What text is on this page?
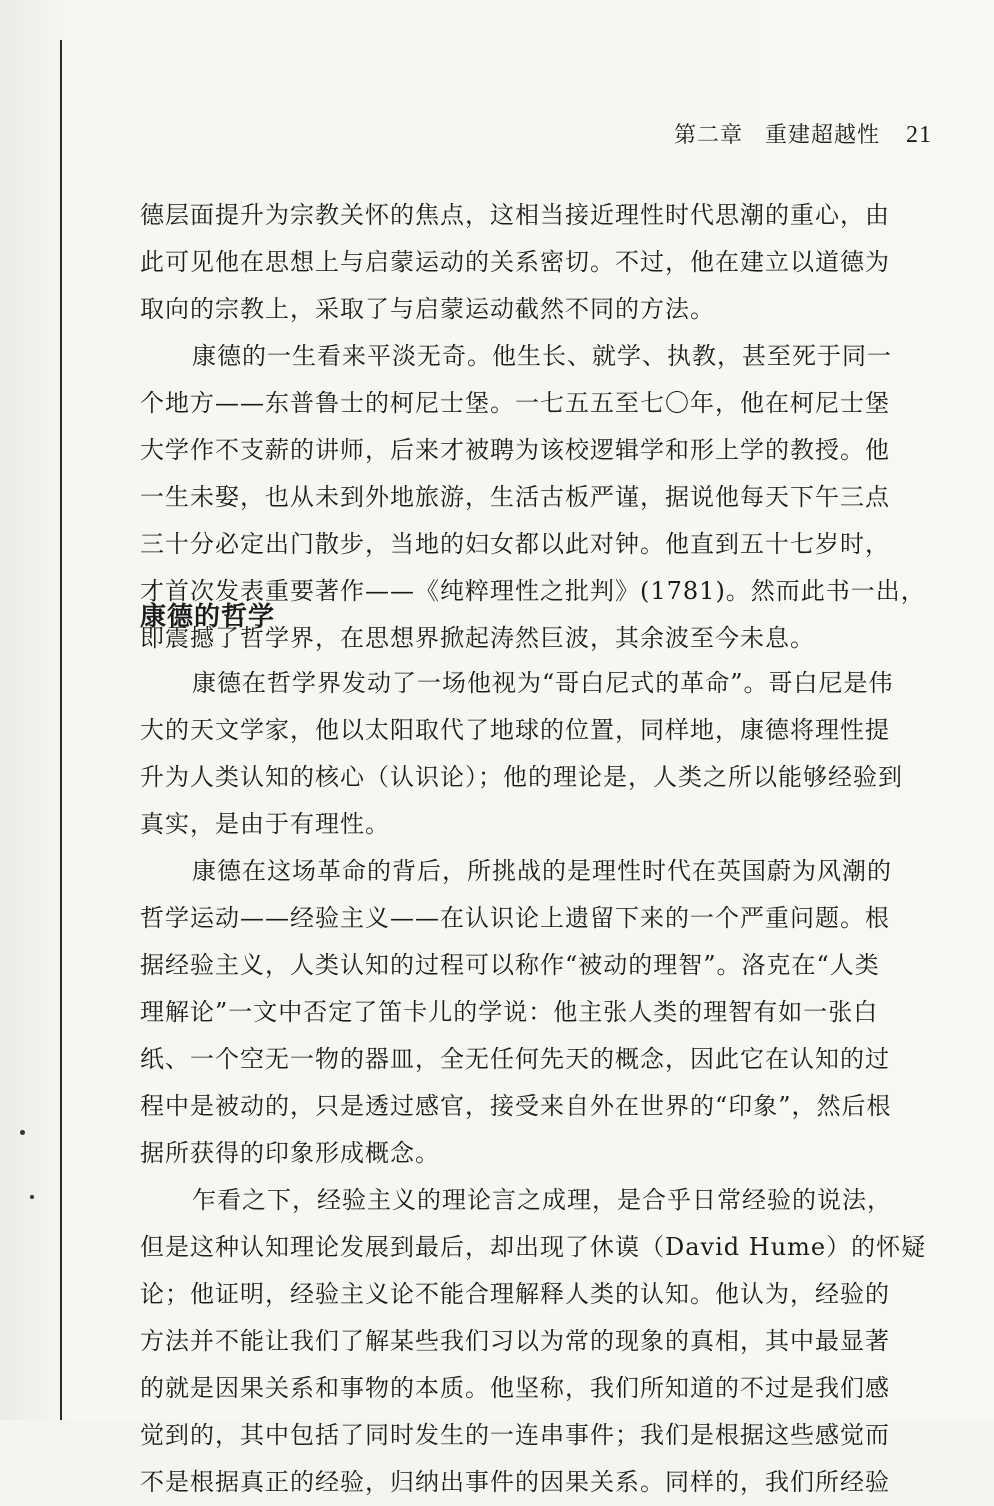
第二章 重建超越性 21
德层面提升为宗教关怀的焦点，这相当接近理性时代思潮的重心，由
此可见他在思想上与启蒙运动的关系密切。不过，他在建立以道德为
取向的宗教上，采取了与启蒙运动截然不同的方法。
康德的一生看来平淡无奇。他生长、就学、执教，甚至死于同一
个地方——东普鲁士的柯尼士堡。一七五五至七〇年，他在柯尼士堡
大学作不支薪的讲师，后来才被聘为该校逻辑学和形上学的教授。他
一生未娶，也从未到外地旅游，生活古板严谨，据说他每天下午三点
三十分必定出门散步，当地的妇女都以此对钟。他直到五十七岁时，
才首次发表重要著作——《纯粹理性之批判》(1781)。然而此书一出，
即震撼了哲学界，在思想界掀起涛然巨波，其余波至今未息。
康德的哲学
康德在哲学界发动了一场他视为“哥白尼式的革命”。哥白尼是伟
大的天文学家，他以太阳取代了地球的位置，同样地，康德将理性提
升为人类认知的核心（认识论）；他的理论是，人类之所以能够经验到
真实，是由于有理性。
康德在这场革命的背后，所挑战的是理性时代在英国蔚为风潮的
哲学运动——经验主义——在认识论上遗留下来的一个严重问题。根
据经验主义，人类认知的过程可以称作“被动的理智”。洛克在“人类
理解论”一文中否定了笛卡儿的学说：他主张人类的理智有如一张白
纸、一个空无一物的器皿，全无任何先天的概念，因此它在认知的过
程中是被动的，只是透过感官，接受来自外在世界的“印象”，然后根
据所获得的印象形成概念。
乍看之下，经验主义的理论言之成理，是合乎日常经验的说法，
但是这种认知理论发展到最后，却出现了休谟（David Hume）的怀疑
论；他证明，经验主义论不能合理解释人类的认知。他认为，经验的
方法并不能让我们了解某些我们习以为常的现象的真相，其中最显著
的就是因果关系和事物的本质。他坚称，我们所知道的不过是我们感
觉到的，其中包括了同时发生的一连串事件；我们是根据这些感觉而
不是根据真正的经验，归纳出事件的因果关系。同样的，我们所经验
